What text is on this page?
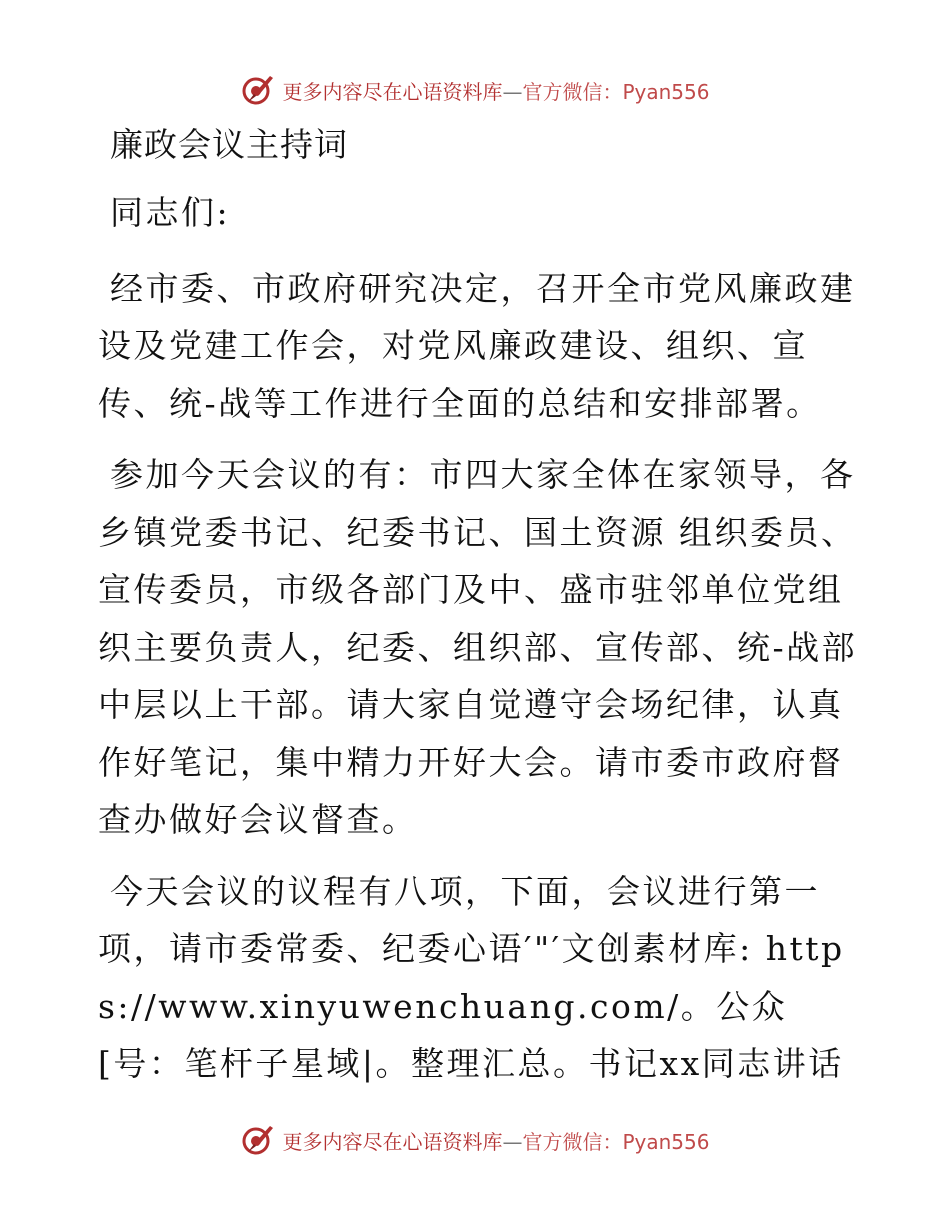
更多内容尽在心语资料库—官方微信：Pyan556
廉政会议主持词
同志们:
经市委、市政府研究决定，召开全市党风廉政建设及党建工作会，对党风廉政建设、组织、宣传、统-战等工作进行全面的总结和安排部署。
参加今天会议的有：市四大家全体在家领导，各乡镇党委书记、纪委书记、国土资源 组织委员、宣传委员，市级各部门及中、盛市驻邻单位党组织主要负责人，纪委、组织部、宣传部、统-战部中层以上干部。请大家自觉遵守会场纪律，认真作好笔记，集中精力开好大会。请市委市政府督查办做好会议督查。
今天会议的议程有八项，下面，会议进行第一项，请市委常委、纪委心语′"′文创素材库: https://www.xinyuwenchuang.com/。公众[号：笔杆子星域|。整理汇总。书记xx同志讲话
更多内容尽在心语资料库—官方微信：Pyan556
